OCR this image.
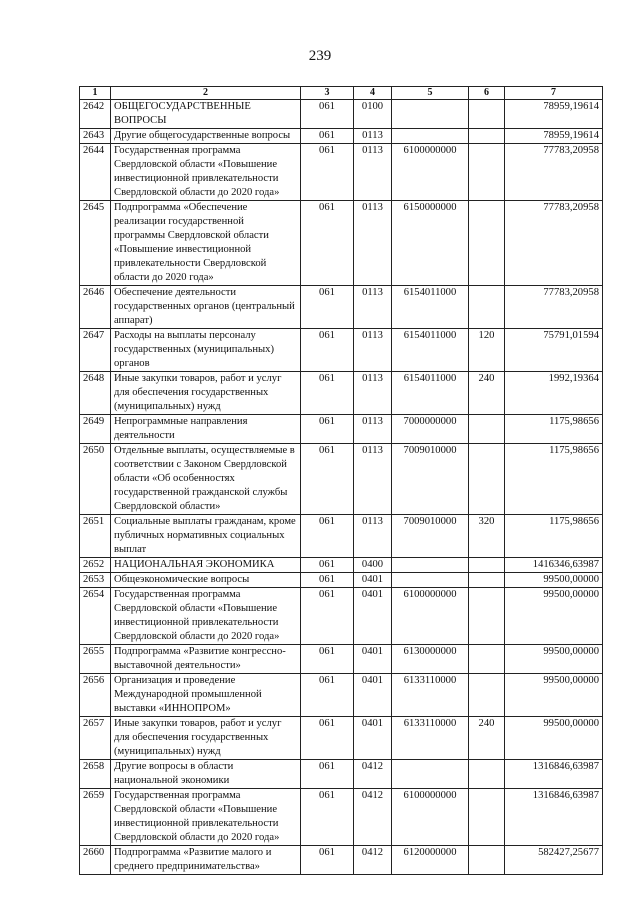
239
1	2	3	4	5	6	7
2642	ОБЩЕГОСУДАРСТВЕННЫЕ ВОПРОСЫ	061	0100			78959,19614
2643	Другие общегосударственные вопросы	061	0113			78959,19614
2644	Государственная программа Свердловской области «Повышение инвестиционной привлекательности Свердловской области до 2020 года»	061	0113	6100000000		77783,20958
2645	Подпрограмма «Обеспечение реализации государственной программы Свердловской области «Повышение инвестиционной привлекательности Свердловской области до 2020 года»	061	0113	6150000000		77783,20958
2646	Обеспечение деятельности государственных органов (центральный аппарат)	061	0113	6154011000		77783,20958
2647	Расходы на выплаты персоналу государственных (муниципальных) органов	061	0113	6154011000	120	75791,01594
2648	Иные закупки товаров, работ и услуг для обеспечения государственных (муниципальных) нужд	061	0113	6154011000	240	1992,19364
2649	Непрограммные направления деятельности	061	0113	7000000000		1175,98656
2650	Отдельные выплаты, осуществляемые в соответствии с Законом Свердловской области «Об особенностях государственной гражданской службы Свердловской области»	061	0113	7009010000		1175,98656
2651	Социальные выплаты гражданам, кроме публичных нормативных социальных выплат	061	0113	7009010000	320	1175,98656
2652	НАЦИОНАЛЬНАЯ ЭКОНОМИКА	061	0400			1416346,63987
2653	Общеэкономические вопросы	061	0401			99500,00000
2654	Государственная программа Свердловской области «Повышение инвестиционной привлекательности Свердловской области до 2020 года»	061	0401	6100000000		99500,00000
2655	Подпрограмма «Развитие конгрессно-выставочной деятельности»	061	0401	6130000000		99500,00000
2656	Организация и проведение Международной промышленной выставки «ИННОПРОМ»	061	0401	6133110000		99500,00000
2657	Иные закупки товаров, работ и услуг для обеспечения государственных (муниципальных) нужд	061	0401	6133110000	240	99500,00000
2658	Другие вопросы в области национальной экономики	061	0412			1316846,63987
2659	Государственная программа Свердловской области «Повышение инвестиционной привлекательности Свердловской области до 2020 года»	061	0412	6100000000		1316846,63987
2660	Подпрограмма «Развитие малого и среднего предпринимательства»	061	0412	6120000000		582427,25677
